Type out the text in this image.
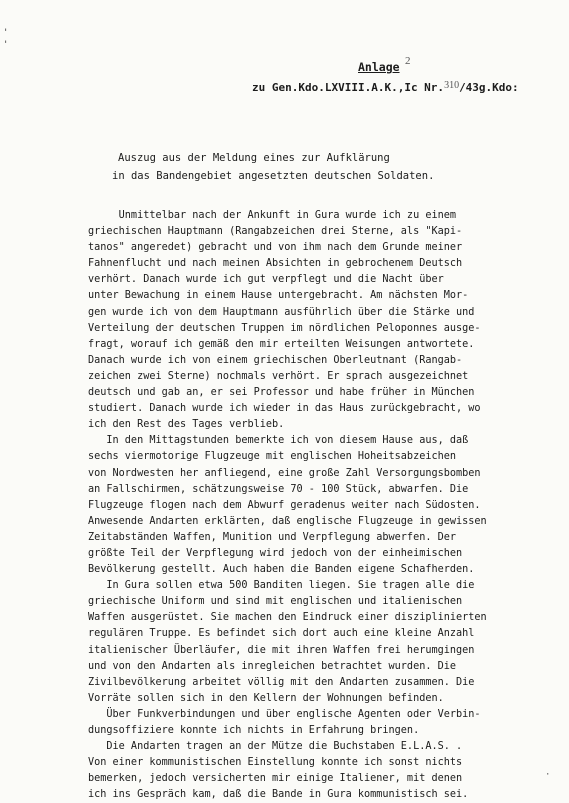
'
'
Anlage 2
zu Gen.Kdo.LXVIII.A.K.,Ic Nr.310/43g.Kdo:
Auszug aus der Meldung eines zur Aufklärung
in das Bandengebiet angesetzten deutschen Soldaten.
Unmittelbar nach der Ankunft in Gura wurde ich zu einem
griechischen Hauptmann (Rangabzeichen drei Sterne, als "Kapi-
tanos" angeredet) gebracht und von ihm nach dem Grunde meiner
Fahnenflucht und nach meinen Absichten in gebrochenem Deutsch
verhört. Danach wurde ich gut verpflegt und die Nacht über
unter Bewachung in einem Hause untergebracht. Am nächsten Mor-
gen wurde ich von dem Hauptmann ausführlich über die Stärke und
Verteilung der deutschen Truppen im nördlichen Peloponnes ausge-
fragt, worauf ich gemäß den mir erteilten Weisungen antwortete.
Danach wurde ich von einem griechischen Oberleutnant (Rangab-
zeichen zwei Sterne) nochmals verhört. Er sprach ausgezeichnet
deutsch und gab an, er sei Professor und habe früher in München
studiert. Danach wurde ich wieder in das Haus zurückgebracht, wo
ich den Rest des Tages verblieb.
In den Mittagstunden bemerkte ich von diesem Hause aus, daß
sechs viermotorige Flugzeuge mit englischen Hoheitsabzeichen
von Nordwesten her anfliegend, eine große Zahl Versorgungsbomben
an Fallschirmen, schätzungsweise 70 - 100 Stück, abwarfen. Die
Flugzeuge flogen nach dem Abwurf geradenus weiter nach Südosten.
Anwesende Andarten erklärten, daß englische Flugzeuge in gewissen
Zeitabständen Waffen, Munition und Verpflegung abwerfen. Der
größte Teil der Verpflegung wird jedoch von der einheimischen
Bevölkerung gestellt. Auch haben die Banden eigene Schafherden.
In Gura sollen etwa 500 Banditen liegen. Sie tragen alle die
griechische Uniform und sind mit englischen und italienischen
Waffen ausgerüstet. Sie machen den Eindruck einer disziplinierten
regulären Truppe. Es befindet sich dort auch eine kleine Anzahl
italienischer Überläufer, die mit ihren Waffen frei herumgingen
und von den Andarten als inregleichen betrachtet wurden. Die
Zivilbevölkerung arbeitet völlig mit den Andarten zusammen. Die
Vorräte sollen sich in den Kellern der Wohnungen befinden.
Über Funkverbindungen und über englische Agenten oder Verbin-
dungsoffiziere konnte ich nichts in Erfahrung bringen.
Die Andarten tragen an der Mütze die Buchstaben E.L.A.S. .
Von einer kommunistischen Einstellung konnte ich sonst nichts
bemerken, jedoch versicherten mir einige Italiener, mit denen
ich ins Gespräch kam, daß die Bande in Gura kommunistisch sei.
·
